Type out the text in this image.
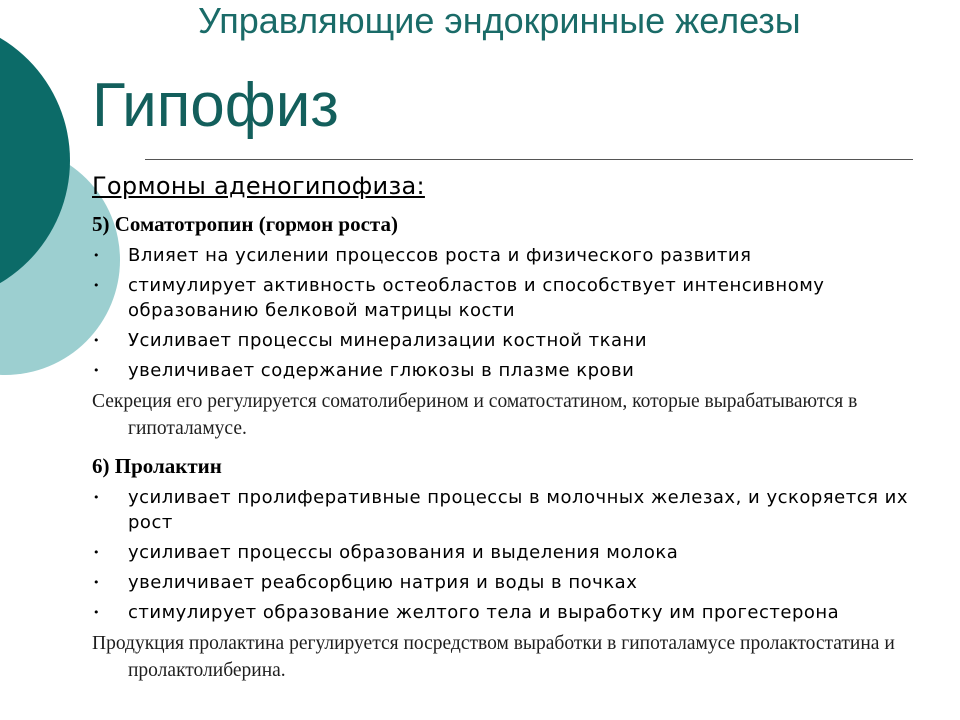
Управляющие эндокринные железы
Гипофиз
Гормоны аденогипофиза:
5) Соматотропин (гормон роста)
• Влияет на усилении процессов роста и физического развития
• стимулирует активность остеобластов и способствует интенсивному образованию белковой матрицы кости
• Усиливает процессы минерализации костной ткани
• увеличивает содержание глюкозы в плазме крови
Секреция его регулируется соматолиберином и соматостатином, которые вырабатываются в гипоталамусе.
6) Пролактин
• усиливает пролиферативные процессы в молочных железах, и ускоряется их рост
• усиливает процессы образования и выделения молока
• увеличивает реабсорбцию натрия и воды в почках
• стимулирует образование желтого тела и выработку им прогестерона
Продукция пролактина регулируется посредством выработки в гипоталамусе пролактостатина и пролактолиберина.
